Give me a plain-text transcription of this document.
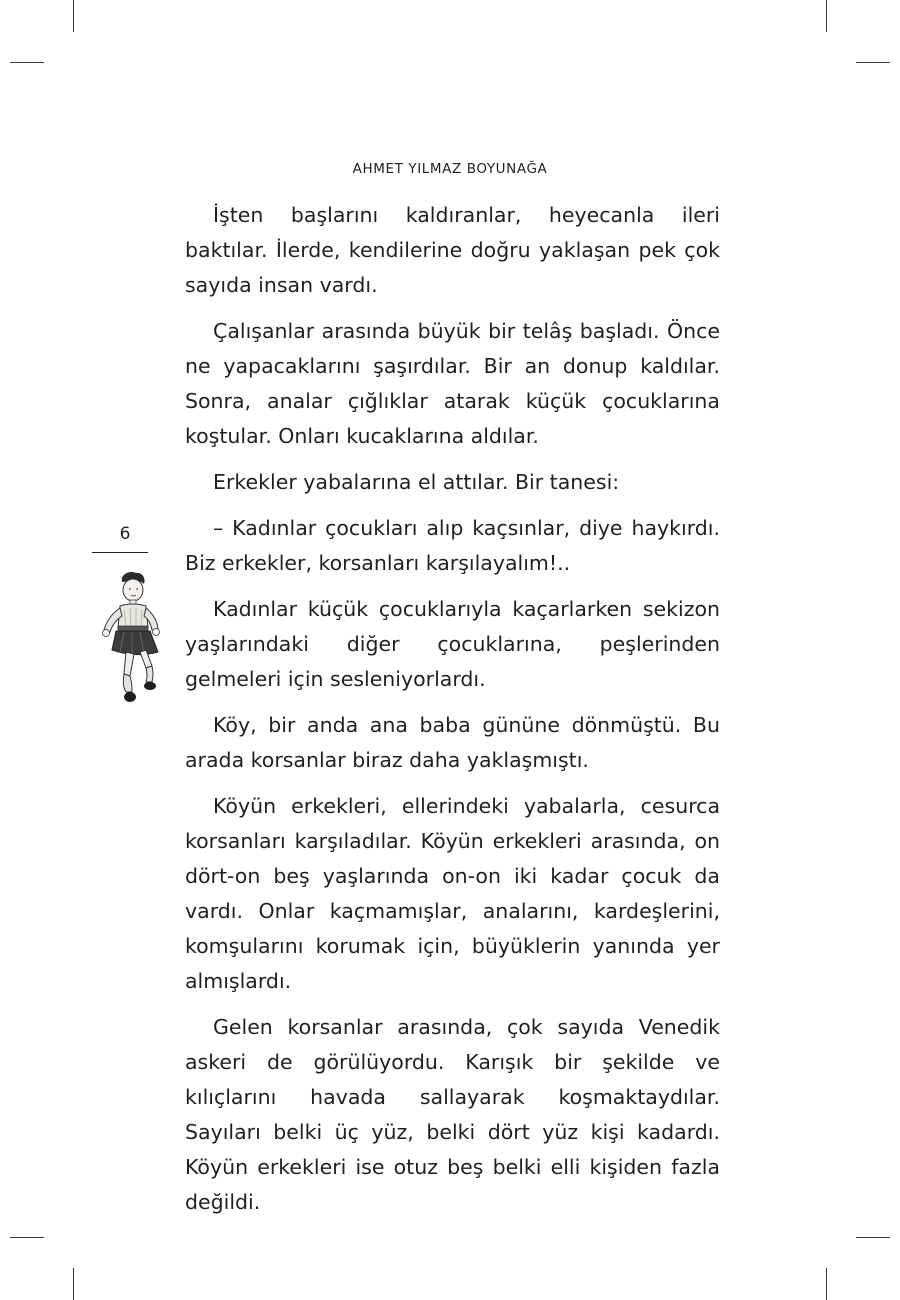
AHMET YILMAZ BOYUNAĞA

İşten başlarını kaldıranlar, heyecanla ileri baktılar. İlerde, kendilerine doğru yaklaşan pek çok sayıda insan vardı.

Çalışanlar arasında büyük bir telâş başladı. Önce ne yapacaklarını şaşırdılar. Bir an donup kaldılar. Sonra, analar çığlıklar atarak küçük çocuklarına koştular. Onları kucaklarına aldılar.

Erkekler yabalarına el attılar. Bir tanesi:

– Kadınlar çocukları alıp kaçsınlar, diye haykırdı. Biz erkekler, korsanları karşılayalım!..

Kadınlar küçük çocuklarıyla kaçarlarken sekizon yaşlarındaki diğer çocuklarına, peşlerinden gelmeleri için sesleniyorlardı.

Köy, bir anda ana baba gününe dönmüştü. Bu arada korsanlar biraz daha yaklaşmıştı.

Köyün erkekleri, ellerindeki yabalarla, cesurca korsanları karşıladılar. Köyün erkekleri arasında, on dört-on beş yaşlarında on-on iki kadar çocuk da vardı. Onlar kaçmamışlar, analarını, kardeşlerini, komşularını korumak için, büyüklerin yanında yer almışlardı.

Gelen korsanlar arasında, çok sayıda Venedik askeri de görülüyordu. Karışık bir şekilde ve kılıçlarını havada sallayarak koşmaktaydılar. Sayıları belki üç yüz, belki dört yüz kişi kadardı. Köyün erkekleri ise otuz beş belki elli kişiden fazla değildi.

6
